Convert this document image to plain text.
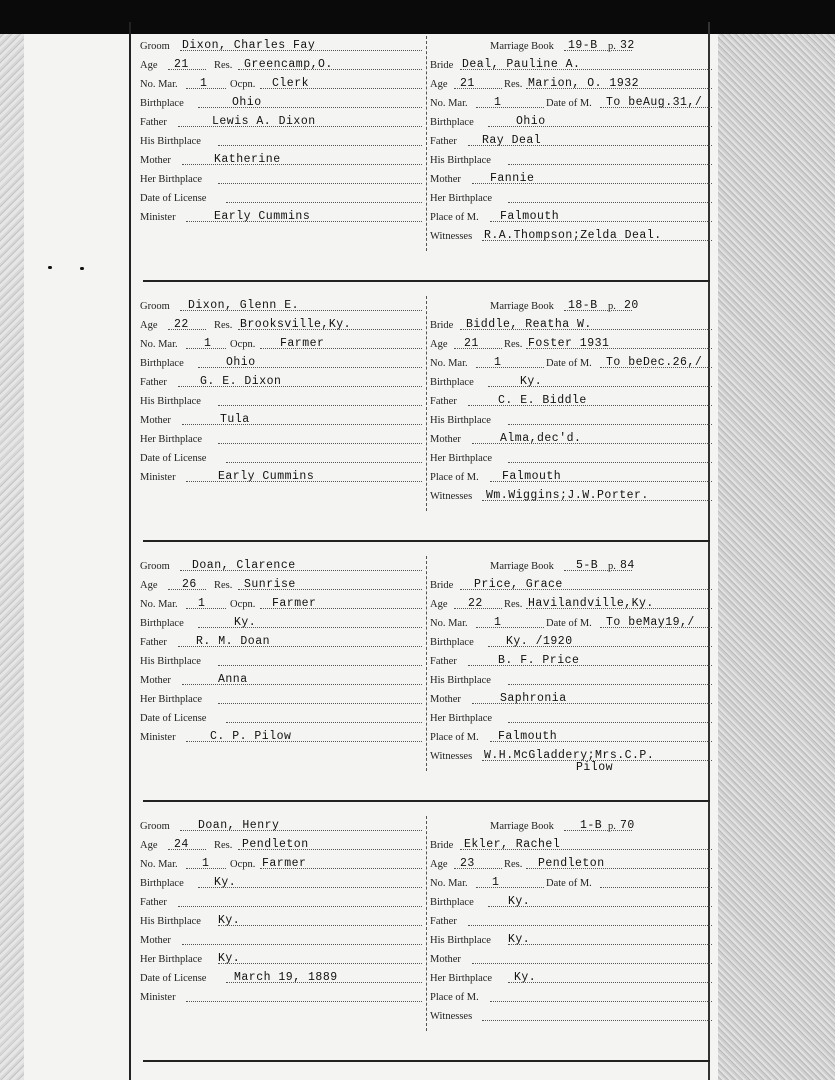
Groom Dixon, Charles Fay
Age 21 Res. Greencamp,O.
No. Mar. 1 Ocpn. Clerk
Birthplace	Ohio
Father	Lewis A. Dixon
His Birthplace
Mother	Katherine
Her Birthplace
Date of License
Minister	Early Cummins
Marriage Book 19-B p. 32
Bride Deal, Pauline A.
Age 21	Res. Marion, O. 1932
No. Mar. 1	Date of M. To beAug.31,/
Birthplace	Ohio
Father Ray Deal
His Birthplace
Mother	Fannie
Her Birthplace
Place of M. Falmouth
Witnesses R.A.Thompson;Zelda Deal.
Groom Dixon, Glenn E.
Age 22 Res. Brooksville,Ky.
No. Mar. 1 Ocpn. Farmer
Birthplace	Ohio
Father	G. E. Dixon
His Birthplace
Mother	Tula
Her Birthplace
Date of License
Minister	Early Cummins
Marriage Book 18-B p. 20
Bride Biddle, Reatha W.
Age 21 Res. Foster 1931
No. Mar. 1	Date of M. To beDec.26,/
Birthplace	Ky.
Father	C. E. Biddle
His Birthplace
Mother	Alma,dec'd.
Her Birthplace
Place of M. Falmouth
Witnesses Wm.Wiggins;J.W.Porter.
Groom Doan, Clarence
Age 26 Res. Sunrise
No. Mar. 1 Ocpn. Farmer
Birthplace	Ky.
Father	R. M. Doan
His Birthplace
Mother	Anna
Her Birthplace
Date of License
Minister	C. P. Pilow
Marriage Book 5-B p. 84
Bride Price, Grace
Age 22 Res. Havilandville,Ky.
No. Mar. 1	Date of M. To beMay19,/
Birthplace	Ky. /1920
Father	B. F. Price
His Birthplace
Mother	Saphronia
Her Birthplace
Place of M. Falmouth
Witnesses W.H.McGladdery;Mrs.C.P.
Pilow
Groom Doan, Henry
Age 24 Res. Pendleton
No. Mar. 1 Ocpn. Farmer
Birthplace	Ky.
Father
His Birthplace Ky.
Mother
Her Birthplace Ky.
Date of License March 19, 1889
Minister
Marriage Book 1-B p. 70
Bride Ekler, Rachel
Age 23	Res. Pendleton
No. Mar. 1	Date of M.
Birthplace	Ky.
Father
His Birthplace Ky.
Mother
Her Birthplace Ky.
Place of M.
Witnesses
